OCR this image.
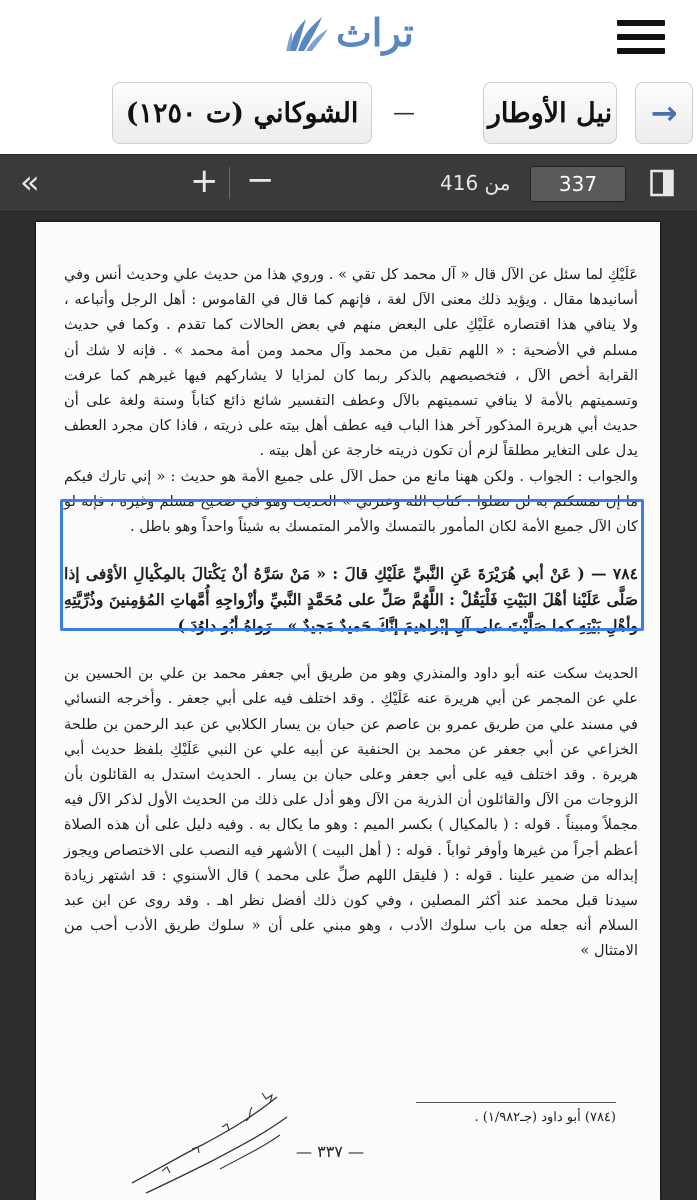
تراث
الشوكاني (ت ١٢٥٠) —	نيل الأوطار →
«	+ −	من 416
337

عَلَيْكِ لما سئل عن الآل قال « آل محمد كل تقي » . وروي هذا من حديث علي وحديث أنس وفي أسانيدها مقال . ويؤيد ذلك معنى الآل لغة ، فإنهم كما قال في القاموس : أهل الرجل وأتباعه ، ولا ينافي هذا اقتصاره عَلَيْكِ على البعض منهم في بعض الحالات كما تقدم . وكما في حديث مسلم في الأضحية : « اللهم تقبل من محمد وآل محمد ومن أمة محمد » . فإنه لا شك أن القرابة أخص الآل ، فتخصيصهم بالذكر ربما كان لمزايا لا يشاركهم فيها غيرهم كما عرفت وتسميتهم بالأمة لا ينافي تسميتهم بالآل وعطف التفسير شائع ذائع كتاباً وسنة ولغة على أن حديث أبي هريرة المذكور آخر هذا الباب فيه عطف أهل بيته على ذريته ، فاذا كان مجرد العطف يدل على التغاير مطلقاً لزم أن تكون ذريته خارجة عن أهل بيته .

والجواب : الجواب . ولكن ههنا مانع من حمل الآل على جميع الأمة هو حديث : « إني تارك فيكم ما إن تمسكتم به لن تضلوا : كتاب الله وعترتي » الحديث وهو في صحيح مسلم وغيره ، فإنه لو كان الآل جميع الأمة لكان المأمور بالتمسك والأمر المتمسك به شيئاً واحداً وهو باطل .

٧٨٤ — ( عَنْ أبي هُرَيْرَةَ عَنِ النَّبيِّ عَلَيْكِ قالَ : « مَنْ سَرَّهُ أنْ يَكْتالَ بالمِكْيالِ الأوْفى إذا صَلَّى عَلَيْنا أهْلَ البَيْتِ فَلْيَقُلْ : اللَّهُمَّ صَلِّ على مُحَمَّدٍ النَّبيِّ وأزْواجِهِ أُمَّهاتِ المُؤمِنينَ وذُرِّيَّتِهِ وأهْلِ بَيْتِهِ كما صَلَّيْتَ على آلِ إبْراهيمَ إنَّكَ حَميدٌ مَجيدٌ » . رَواهُ أبُو داوُدَ ) .

الحديث سكت عنه أبو داود والمنذري وهو من طريق أبي جعفر محمد بن علي بن الحسين بن علي عن المجمر عن أبي هريرة عنه عَلَيْكِ . وقد اختلف فيه على أبي جعفر . وأخرجه النسائي في مسند علي من طريق عمرو بن عاصم عن حبان بن يسار الكلابي عن عبد الرحمن بن طلحة الخزاعي عن أبي جعفر عن محمد بن الحنفية عن أبيه علي عن النبي عَلَيْكِ بلفظ حديث أبي هريرة . وقد اختلف فيه على أبي جعفر وعلى حبان بن يسار . الحديث استدل به القائلون بأن الزوجات من الآل والقائلون أن الذرية من الآل وهو أدل على ذلك من الحديث الأول لذكر الآل فيه مجملاً ومبيناً . قوله : ( بالمكيال ) بكسر الميم : وهو ما يكال به . وفيه دليل على أن هذه الصلاة أعظم أجراً من غيرها وأوفر ثواباً . قوله : ( أهل البيت ) الأشهر فيه النصب على الاختصاص ويجوز إبداله من ضمير علينا . قوله : ( فليقل اللهم صلِّ على محمد ) قال الأسنوي : قد اشتهر زيادة سيدنا قبل محمد عند أكثر المصلين ، وفي كون ذلك أفضل نظر اهـ . وقد روى عن ابن عبد السلام أنه جعله من باب سلوك الأدب ، وهو مبني على أن « سلوك طريق الأدب أحب من الامتثال »

(٧٨٤) أبو داود (جـ١/٩٨٢) .
— ٣٣٧ —
